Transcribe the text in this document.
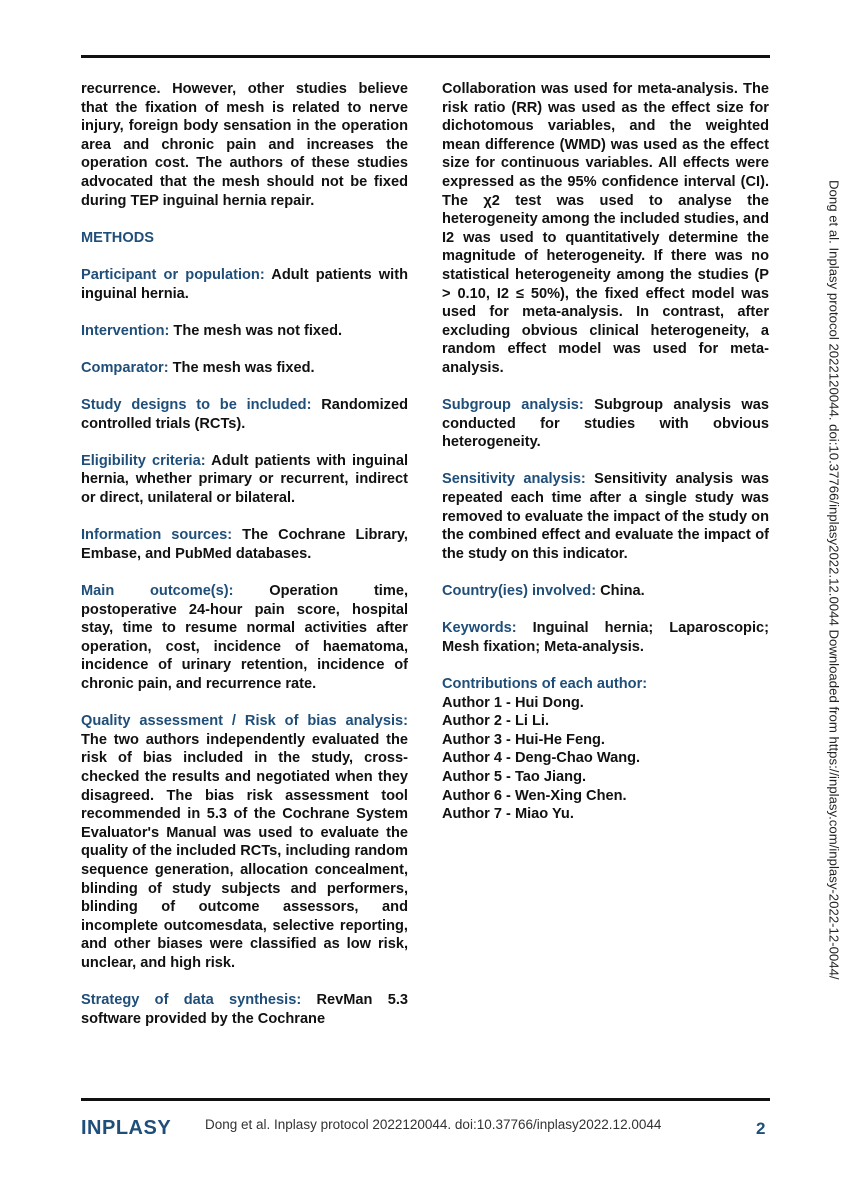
recurrence. However, other studies believe that the fixation of mesh is related to nerve injury, foreign body sensation in the operation area and chronic pain and increases the operation cost. The authors of these studies advocated that the mesh should not be fixed during TEP inguinal hernia repair.

METHODS

Participant or population: Adult patients with inguinal hernia.

Intervention: The mesh was not fixed.

Comparator: The mesh was fixed.

Study designs to be included: Randomized controlled trials (RCTs).

Eligibility criteria: Adult patients with inguinal hernia, whether primary or recurrent, indirect or direct, unilateral or bilateral.

Information sources: The Cochrane Library, Embase, and PubMed databases.

Main outcome(s): Operation time, postoperative 24-hour pain score, hospital stay, time to resume normal activities after operation, cost, incidence of haematoma, incidence of urinary retention, incidence of chronic pain, and recurrence rate.

Quality assessment / Risk of bias analysis: The two authors independently evaluated the risk of bias included in the study, cross-checked the results and negotiated when they disagreed. The bias risk assessment tool recommended in 5.3 of the Cochrane System Evaluator's Manual was used to evaluate the quality of the included RCTs, including random sequence generation, allocation concealment, blinding of study subjects and performers, blinding of outcome assessors, and incomplete outcomesdata, selective reporting, and other biases were classified as low risk, unclear, and high risk.

Strategy of data synthesis: RevMan 5.3 software provided by the Cochrane

Collaboration was used for meta-analysis. The risk ratio (RR) was used as the effect size for dichotomous variables, and the weighted mean difference (WMD) was used as the effect size for continuous variables. All effects were expressed as the 95% confidence interval (CI). The χ2 test was used to analyse the heterogeneity among the included studies, and I2 was used to quantitatively determine the magnitude of heterogeneity. If there was no statistical heterogeneity among the studies (P > 0.10, I2 ≤ 50%), the fixed effect model was used for meta-analysis. In contrast, after excluding obvious clinical heterogeneity, a random effect model was used for meta-analysis.

Subgroup analysis: Subgroup analysis was conducted for studies with obvious heterogeneity.

Sensitivity analysis: Sensitivity analysis was repeated each time after a single study was removed to evaluate the impact of the study on the combined effect and evaluate the impact of the study on this indicator.

Country(ies) involved: China.

Keywords: Inguinal hernia; Laparoscopic; Mesh fixation; Meta-analysis.

Contributions of each author:
Author 1 - Hui Dong.
Author 2 - Li Li.
Author 3 - Hui-He Feng.
Author 4 - Deng-Chao Wang.
Author 5 - Tao Jiang.
Author 6 - Wen-Xing Chen.
Author 7 - Miao Yu.	Dong et al. Inplasy protocol 2022120044. doi:10.37766/inplasy2022.12.0044 Downloaded from https://inplasy.com/inplasy-2022-12-0044/
INPLASY	Dong et al. Inplasy protocol 2022120044. doi:10.37766/inplasy2022.12.0044	2
